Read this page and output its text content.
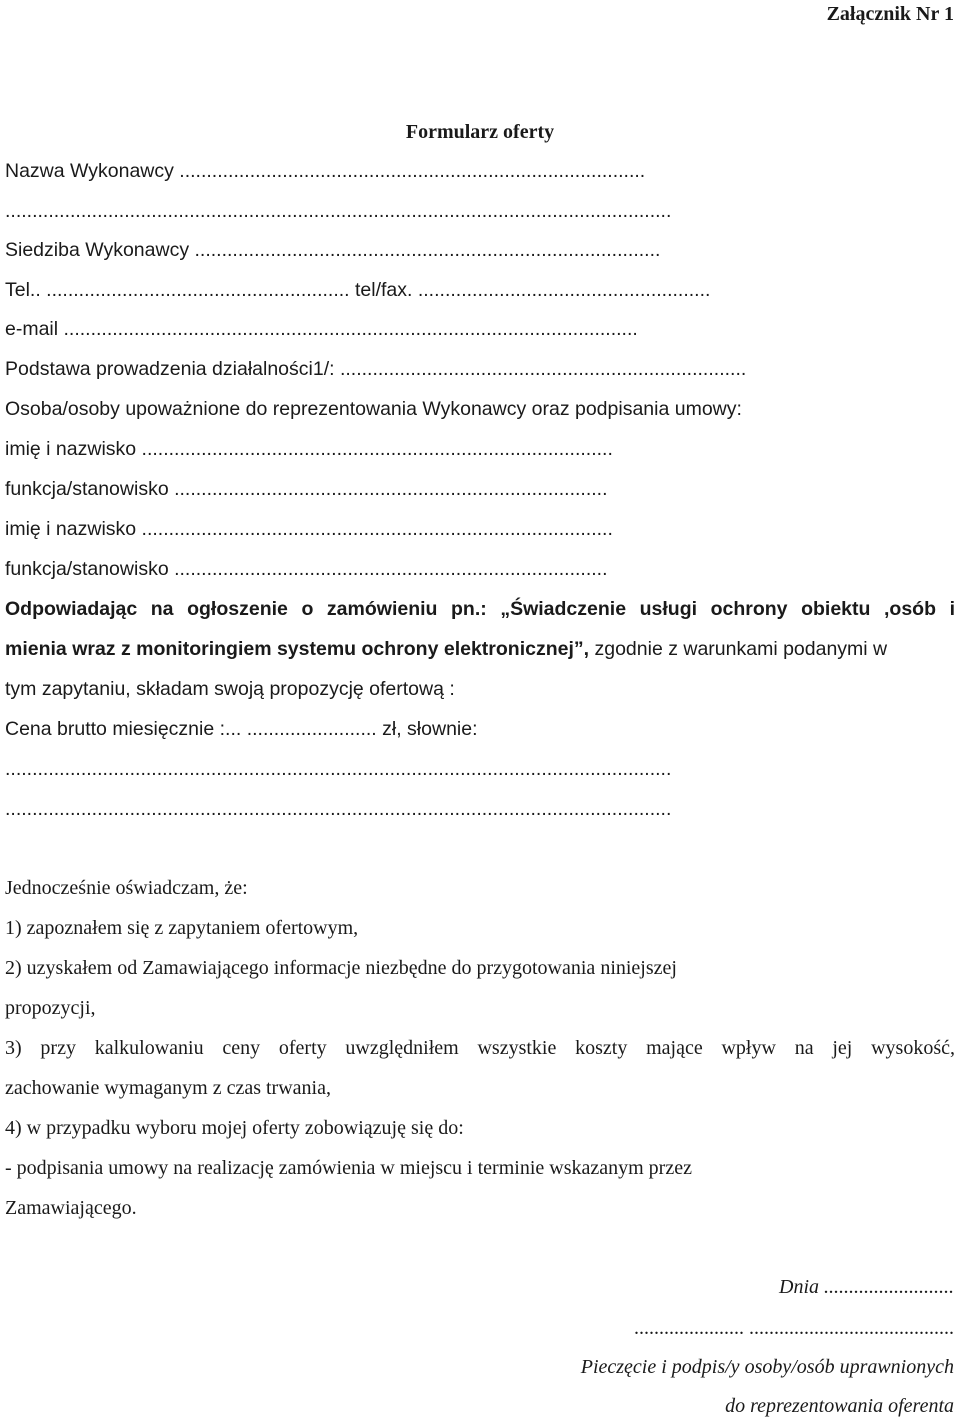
Załącznik Nr 1
Formularz oferty
Nazwa Wykonawcy ......................................................................................
...........................................................................................................................
Siedziba Wykonawcy ......................................................................................
Tel.. ........................................................ tel/fax. ......................................................
e-mail ..........................................................................................................
Podstawa prowadzenia działalności1/: ...........................................................................
Osoba/osoby upoważnione do reprezentowania Wykonawcy oraz podpisania umowy:
imię i nazwisko .......................................................................................
funkcja/stanowisko ................................................................................
imię i nazwisko .......................................................................................
funkcja/stanowisko ................................................................................
Odpowiadając na ogłoszenie o zamówieniu pn.: „Świadczenie usługi ochrony obiektu ,osób i
mienia wraz z monitoringiem systemu ochrony elektronicznej”, zgodnie z warunkami podanymi w
tym zapytaniu, składam swoją propozycję ofertową :
Cena brutto miesięcznie :... ........................ zł, słownie:
...........................................................................................................................
...........................................................................................................................
Jednocześnie oświadczam, że:
1) zapoznałem się z zapytaniem ofertowym,
2) uzyskałem od Zamawiającego informacje niezbędne do przygotowania niniejszej
propozycji,
3) przy kalkulowaniu ceny oferty uwzględniłem wszystkie koszty mające wpływ na jej wysokość,
zachowanie wymaganym z czas trwania,
4) w przypadku wyboru mojej oferty zobowiązuję się do:
- podpisania umowy na realizację zamówienia w miejscu i terminie wskazanym przez
Zamawiającego.
Dnia ..........................
...................... .........................................
Pieczęcie i podpis/y osoby/osób uprawnionych
do reprezentowania oferenta
